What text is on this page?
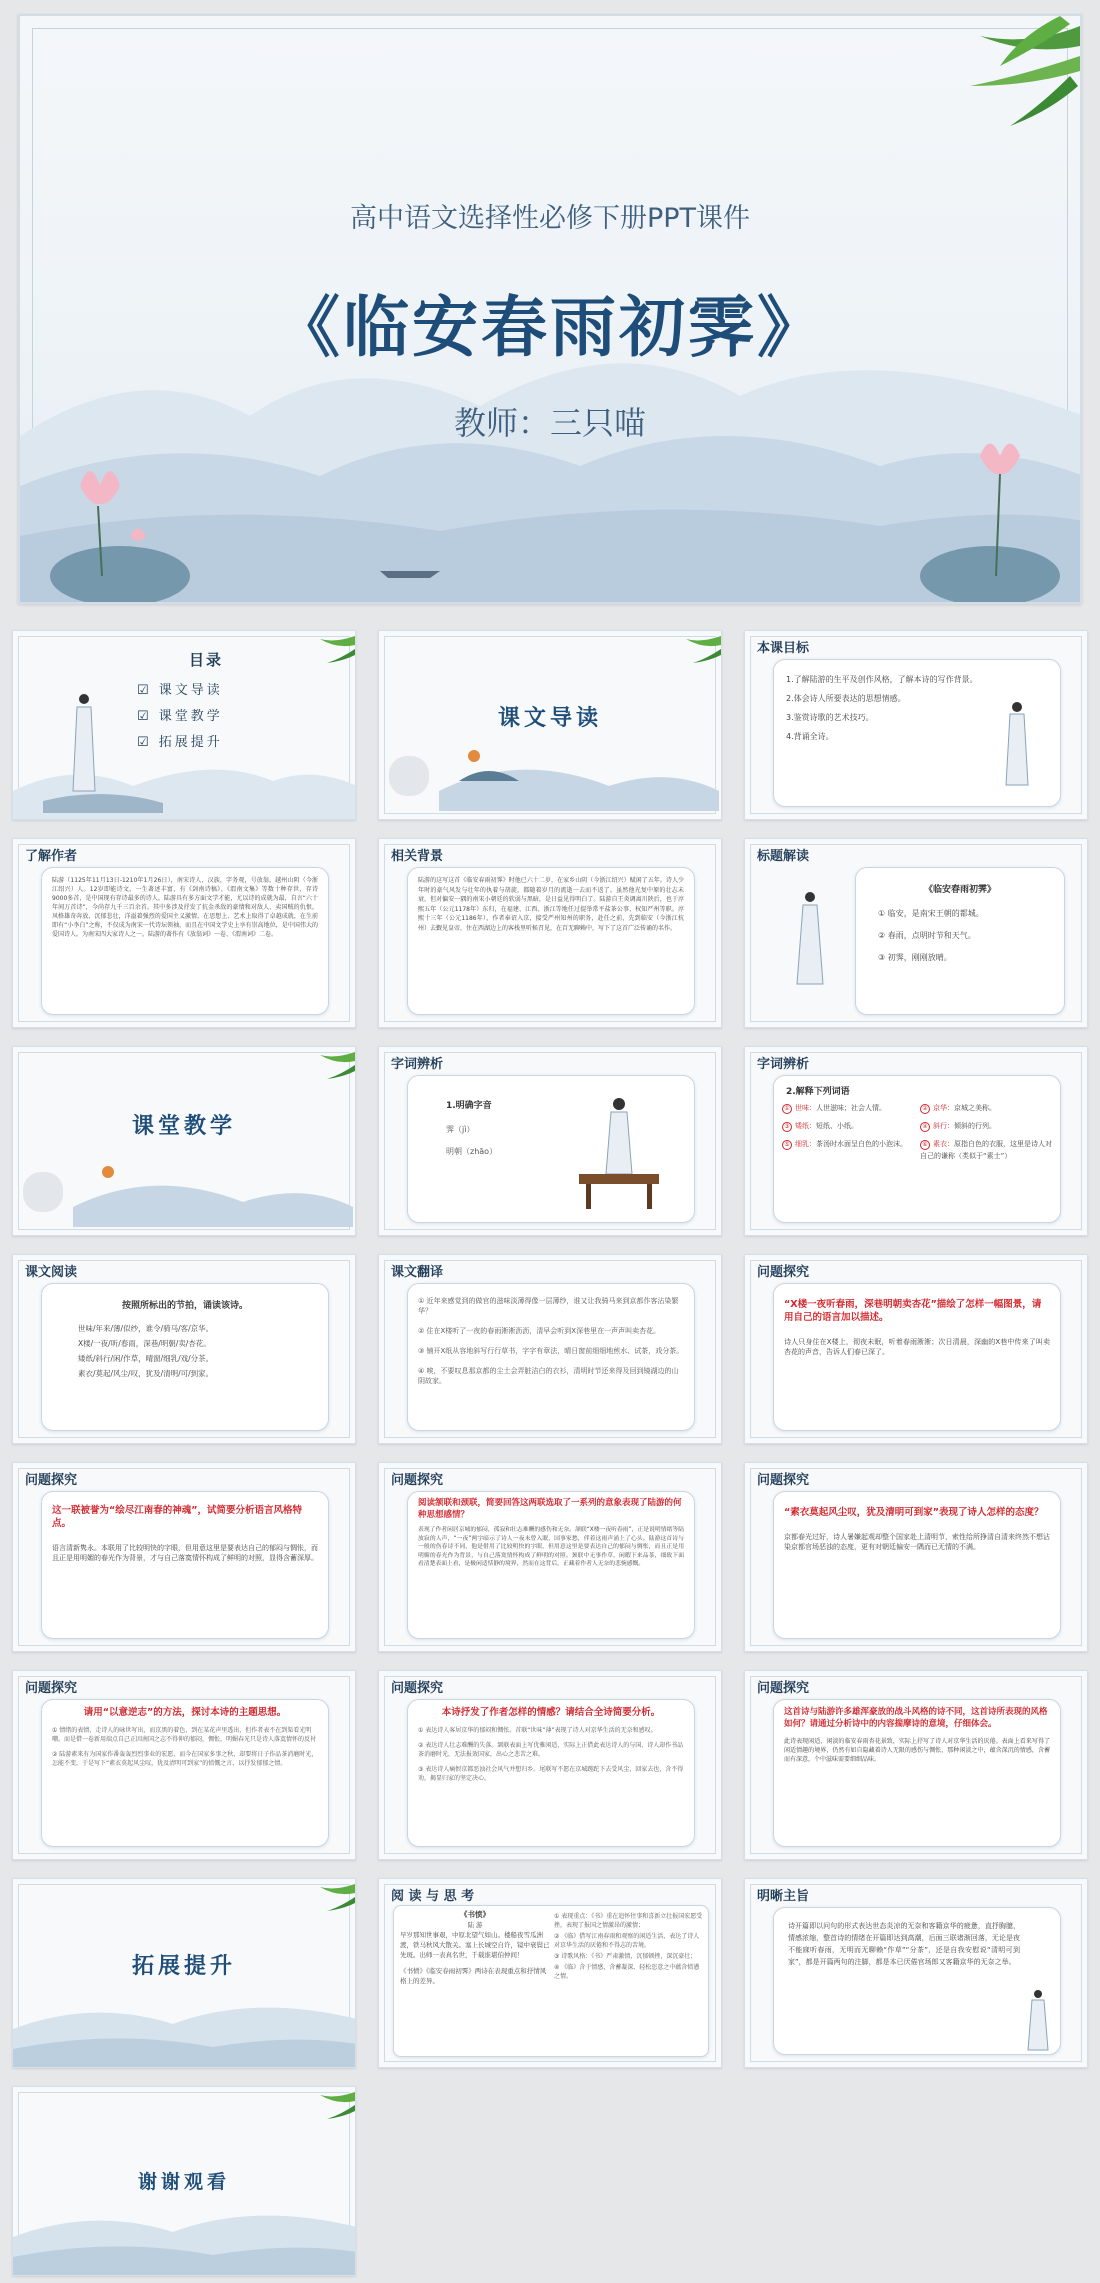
高中语文选择性必修下册PPT课件
《临安春雨初霁》
教师：三只喵
目录
☑ 课文导读
☑ 课堂教学
☑ 拓展提升
课文导读
本课目标
1.了解陆游的生平及创作风格，了解本诗的写作背景。
2.体会诗人所要表达的思想情感。
3.鉴赏诗歌的艺术技巧。
4.背诵全诗。
了解作者
陆游（1125年11月13日-1210年1月26日），南宋诗人，汉族，字务观，号放翁，越州山阴（今浙江绍兴）人。12岁即能诗文，一生著述丰富，有《剑南诗稿》、《渭南文集》等数十种存世，存诗9000多首，是中国现有存诗最多的诗人。陆游具有多方面文学才能，尤以诗的成就为最，自言“六十年间万首诗”，今尚存九千三百余首。其中多涉及抒发了抗金杀敌的豪情和对敌人、卖国贼的仇恨，风格雄奇奔放、沉郁悲壮，洋溢着强烈的爱国主义激情，在思想上、艺术上取得了卓越成就，在生前即有“小李白”之称，不仅成为南宋一代诗坛领袖，而且在中国文学史上享有崇高地位，是中国伟大的爱国诗人。为南宋四大家诗人之一。陆游的著作有《放翁词》一卷、《渭南词》二卷。
相关背景
陆游的这写这首《临安春雨初霁》时他已六十二岁，在家乡山阴（今浙江绍兴）赋闲了五年。诗人少年时的豪气风发与壮年的执着与胡旋，都随着岁月的流逝一去而不返了。虽然他光复中原的壮志未衰，但对偏安一隅的南宋小朝廷的软弱与黑暗，是日益见得明白了。陆游自王炎调离川陕后，也于淳熙五年（公元1178年）东归，在福建、江西、浙江等地任过提举常平盐茶公事、权知严州等职。淳熙十三年（公元1186年），作者奉诏入京，接受严州知州的职务，赴任之前，先到临安（今浙江杭州）去觐见皇帝，住在西湖边上的客栈里听候召见，在百无聊赖中，写下了这首广泛传诵的名作。
标题解读
《临安春雨初霁》
① 临安，是南宋王朝的都城。
② 春雨，点明时节和天气。
③ 初霁，刚刚放晴。
课堂教学
字词辨析
1.明确字音
霁（jì）
明朝（zhāo）
字词辨析
2.解释下列词语
① 世味：人世滋味；社会人情。	② 京华：京城之美称。
③ 矮纸：短纸、小纸。	④ 斜行：倾斜的行列。
⑤ 细乳：茶汤时水面呈白色的小泡沫。	⑥ 素衣：原指白色的衣服，这里是诗人对自己的谦称（类似于“素士”）
课文阅读
按照所标出的节拍，诵读该诗。
世味/年来/薄/似纱，谁令/骑马/客/京华。
X楼/一夜/听/春雨，深巷/明朝/卖/杏花。
矮纸/斜行/闲/作草，晴窗/细乳/戏/分茶。
素衣/莫起/风尘/叹，犹及/清明/可/到家。
课文翻译

① 近年来感觉到的做官的滋味淡薄得像一层薄纱，谁又让我骑马来到京都作客沾染繁华？

② 住在X楼听了一夜的春雨淅淅沥沥，清早会听到X深巷里在一声声叫卖杏花。

③ 铺开X纸从容地斜写行行草书，字字有章法，晴日窗前细细地煎水、试茶，戏分茶。

④ 唉，不要叹息那京都的尘土会弄脏洁白的衣衫，清明时节还来得及回到镜湖边的山阴故家。

问题探究
“X楼一夜听春雨，深巷明朝卖杏花”描绘了怎样一幅图景，请用自己的语言加以描述。
诗人只身住在X楼上，彻夜未眠，听着春雨淅淅；次日清晨，深幽的X巷中传来了叫卖杏花的声音，告诉人们春已深了。
问题探究
这一联被誉为“绘尽江南春的神魂”，试简要分析语言风格特点。
语言清新隽永。本联用了比较明快的字眼，但用意这里是要表达自己的郁闷与惆怅，而且正是用明媚的春光作为背景，才与自己落寞情怀构成了鲜明的对照，显得含蓄深厚。
问题探究
阅读颔联和颈联，简要回答这两联选取了一系列的意象表现了陆游的何种思想感情？
表现了作者闲居京城的郁闷，孤寂和壮志难酬的感伤和无奈。颔联“X楼一夜听春雨”，正是说明情绪等陆放寂的人声，“一夜”两字暗示了诗人一夜未曾入眠，国事家愁，伴着这雨声涌上了心头。陆游这首诗与一般的伤春诗不同，他是借用了比较明快的字眼，但用意这里是要表达自己的郁闷与惆怅，而且正是用明媚的春光作为背景，与自己落寞情怀构成了鲜明的对照。颈联中无事作草，闲暇下来品茶，细致下面看清楚表面上看，是极闲适恬静的境界，然而在这背后，正藏着作者人无奈的悲惋感慨。
问题探究
“素衣莫起风尘叹，犹及清明可到家”表现了诗人怎样的态度？
京都春光过好，诗人暑嫌起观却整个国家赴上清明节，索性给所挣清自清来终然不想沾染京都官场恶浊的态度，更有对朝廷偏安一隅而已无情的不满。
问题探究
请用“以意逆志”的方法，探讨本诗的主题思想。

① 情绪的表情，走诗人的咏世写出，而京黑的着色，到在某花声里透出，但作者表不在到渠看光明嘲。而是借一卷新用端点自己正因南国之志不得伸的郁闷，惆怅，明媚春光只是诗人落寞情怀的反衬

② 陆游素来有为国家作番轰轰烈烈事业的宏愿，而今在国家多事之秋，却要将日子作品茶消磨时光，怎能不变，于是写下“素衣莫起风尘叹，犹及清明可到家”的愤慨之言，以抒发郁郁之情。

问题探究
本诗抒发了作者怎样的情感？请结合全诗简要分析。

① 表达诗人客居京华的郁闷和惆怅。首联“世味”薄”表现了诗人对京华生活的无奈和感叹。

② 表达诗人壮志难酬的失落。颔联表面上写优雅闲适，实际上正借此表达诗人的与国、诗人却作书品茶消磨时光，无法报效国家，出心之悲苦之难。

③ 表达诗人痛恨京都恶浊社会风气并想归乡。尾联写不愿在京城蹉跎下去受风尘，回家去也，含不得劝，揭显归家的坚定决心。

问题探究
这首诗与陆游许多雄浑豪放的战斗风格的诗不同，这首诗所表现的风格如何？请通过分析诗中的内容揣摩诗的意境，仔细体会。
此诗表现闲适，闲淡的临安春雨杏花景致，实际上抒写了诗人对京华生活的厌倦。表面上看来写得了闲适情趣的境界，仍然有如自隐藏着诗人无限的感伤与惆怅，那种闲淡之中，蕴含深沉的情感，含蓄而有深意，个中滋味需要细细品味。
拓展提升
阅 读 与 思 考
《书愤》
陆 游
早岁那知世事艰，中原北望气如山。楼船夜雪瓜洲渡，铁马秋风大散关。塞上长城空自许，镜中衰鬓已先斑。出师一表真名世，千载谁堪伯仲间！
《书愤》《临安春雨初霁》两诗在表现重点和抒情风格上的差异。

① 表现重点：《书》重在追怀往事和喜新立壮报国宏愿受挫，表现了报国之情激昂的激情；

② 《临》借写江南春雨和观察的闲适生活，表达了诗人对京华生活的厌倦和不得志的苦境。

③ 诗歌风格：《书》严肃激情，沉郁顿挫，深沉豪壮；

④ 《临》含于情感，含蓄凝深，轻松恣意之中蕴含愤懑之情。

明晰主旨
诗开篇即以问句的形式表达世态炎凉的无奈和客籍京华的疲惫，直抒胸臆，情感浓缩，整首诗的情绪在开篇即达到高潮，后面三联诸渐回落，无论是夜不能寐听春雨，无明而无聊赖“作草”“分茶”，还是自我安慰说“清明可到家”，都是开篇两句的注脚，都是本已厌倦官场郎又客籍京华的无奈之举。
谢谢观看
